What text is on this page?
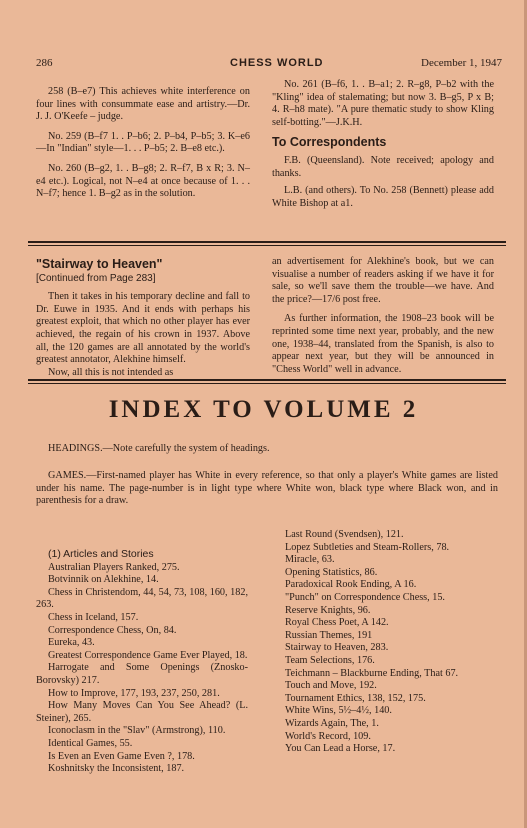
286	CHESS WORLD	December 1, 1947

258 (B–e7) This achieves white interference on four lines with consummate ease and artistry.—Dr. J. J. O'Keefe – judge.

No. 259 (B–f7 1. . P–b6; 2. P–b4, P–b5; 3. K–e6—In "Indian" style—1. . . P–b5; 2. B–e8 etc.).

No. 260 (B–g2, 1. . B–g8; 2. R–f7, B x R; 3. N–e4 etc.). Logical, not N–e4 at once because of 1. . . N–f7; hence 1. B–g2 as in the solution.

No. 261 (B–f6, 1. . B–a1; 2. R–g8, P–b2 with the "Kling" idea of stalemating; but now 3. B–g5, P x B; 4. R–h8 mate). "A pure thematic study to show Kling self-botting."—J.K.H.

To Correspondents

F.B. (Queensland). Note received; apology and thanks.

L.B. (and others). To No. 258 (Bennett) please add White Bishop at a1.

"Stairway to Heaven"
[Continued from Page 283]

Then it takes in his temporary decline and fall to Dr. Euwe in 1935. And it ends with perhaps his greatest exploit, that which no other player has ever achieved, the regain of his crown in 1937. Above all, the 120 games are all annotated by the world's greatest annotator, Alekhine himself.

Now, all this is not intended as

an advertisement for Alekhine's book, but we can visualise a number of readers asking if we have it for sale, so we'll save them the trouble—we have. And the price?—17/6 post free.

As further information, the 1908–23 book will be reprinted some time next year, probably, and the new one, 1938–44, translated from the Spanish, is also to appear next year, but they will be announced in "Chess World" well in advance.

INDEX TO VOLUME 2

HEADINGS.—Note carefully the system of headings.

GAMES.—First-named player has White in every reference, so that only a player's White games are listed under his name. The page-number is in light type where White won, black type where Black won, and in parenthesis for a draw.

(1) Articles and Stories

Australian Players Ranked, 275.

Botvinnik on Alekhine, 14.

Chess in Christendom, 44, 54, 73, 108, 160, 182, 263.

Chess in Iceland, 157.

Correspondence Chess, On, 84.

Eureka, 43.

Greatest Correspondence Game Ever Played, 18.

Harrogate and Some Openings (Znosko-Borovsky) 217.

How to Improve, 177, 193, 237, 250, 281.

How Many Moves Can You See Ahead? (L. Steiner), 265.

Iconoclasm in the "Slav" (Armstrong), 110.

Identical Games, 55.

Is Even an Even Game Even ?, 178.

Koshnitsky the Inconsistent, 187.

Last Round (Svendsen), 121.

Lopez Subtleties and Steam-Rollers, 78.

Miracle, 63.

Opening Statistics, 86.

Paradoxical Rook Ending, A 16.

"Punch" on Correspondence Chess, 15.

Reserve Knights, 96.

Royal Chess Poet, A 142.

Russian Themes, 191

Stairway to Heaven, 283.

Team Selections, 176.

Teichmann – Blackburne Ending, That 67.

Touch and Move, 192.

Tournament Ethics, 138, 152, 175.

White Wins, 5½–4½, 140.

Wizards Again, The, 1.

World's Record, 109.

You Can Lead a Horse, 17.
